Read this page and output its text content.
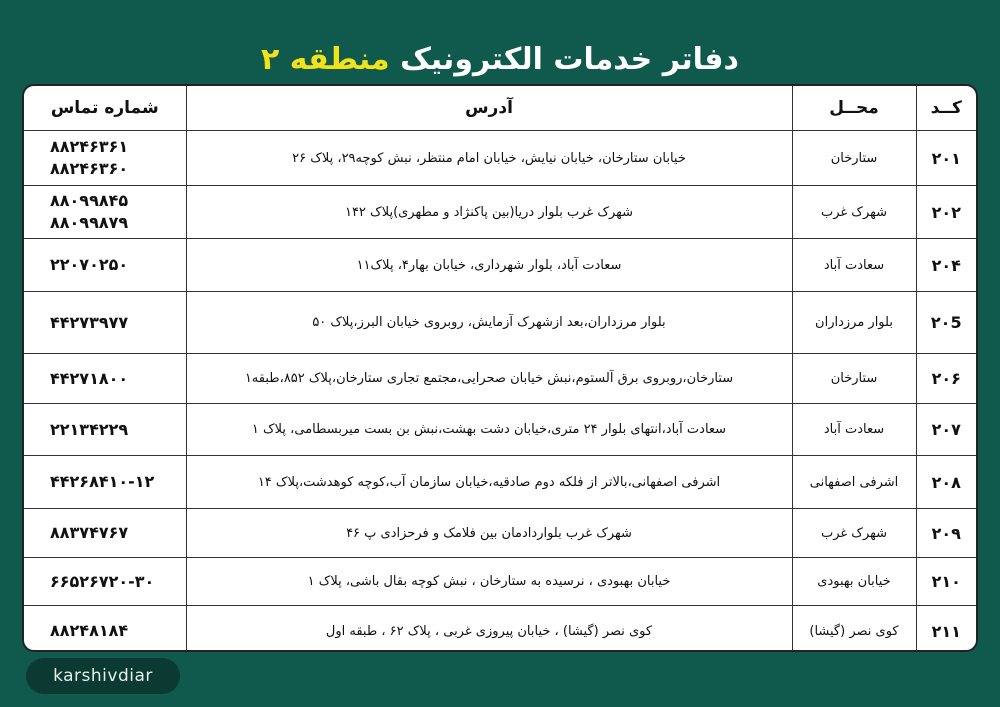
دفاتر خدمات الکترونیک منطقه ۲
کــد	محــل	آدرس	شماره تماس
۲۰۱	ستارخان	خیابان ستارخان، خیابان نیایش، خیابان امام منتظر، نبش کوچه۲۹، پلاک ۲۶	۸۸۲۴۶۳۶۱
۸۸۲۴۶۳۶۰

۲۰۲	شهرک غرب	شهرک غرب بلوار دریا(بین پاکنژاد و مطهری)پلاک ۱۴۲	۸۸۰۹۹۸۴۵
۸۸۰۹۹۸۷۹

۲۰۴	سعادت آباد	سعادت آباد، بلوار شهرداری، خیابان بهار۴، پلاک۱۱	۲۲۰۷۰۲۵۰

۲۰5	بلوار مرزداران	بلوار مرزداران،بعد ازشهرک آزمایش، روبروی خیابان البرز،پلاک ۵۰	۴۴۲۷۳۹۷۷

۲۰۶	ستارخان	ستارخان،روبروی برق آلستوم،نبش خیابان صحرایی،مجتمع تجاری ستارخان،پلاک ۸۵۲،طبقه۱	۴۴۲۷۱۸۰۰

۲۰۷	سعادت آباد	سعادت آباد،انتهای بلوار ۲۴ متری،خیابان دشت بهشت،نبش بن بست میربسطامی، پلاک ۱	۲۲۱۳۴۲۲۹

۲۰۸	اشرفی اصفهانی	اشرفی اصفهانی،بالاتر از فلکه دوم صادقیه،خیابان سازمان آب،کوچه کوهدشت،پلاک ۱۴	۴۴۲۶۸۴۱۰-۱۲

۲۰۹	شهرک غرب	شهرک غرب بلواردادمان بین فلامک و فرحزادی پ ۴۶	۸۸۳۷۴۷۶۷

۲۱۰	خیابان بهبودی	خیابان بهبودی ، نرسیده به ستارخان ، نبش کوچه بقال باشی، پلاک ۱	۶۶۵۲۶۷۲۰-۳۰

۲۱۱	کوی نصر (گیشا)	کوی نصر (گیشا) ، خیابان پیروزی غربی ، پلاک ۶۲ ، طبقه اول	۸۸۲۴۸۱۸۴
karshivdiar
